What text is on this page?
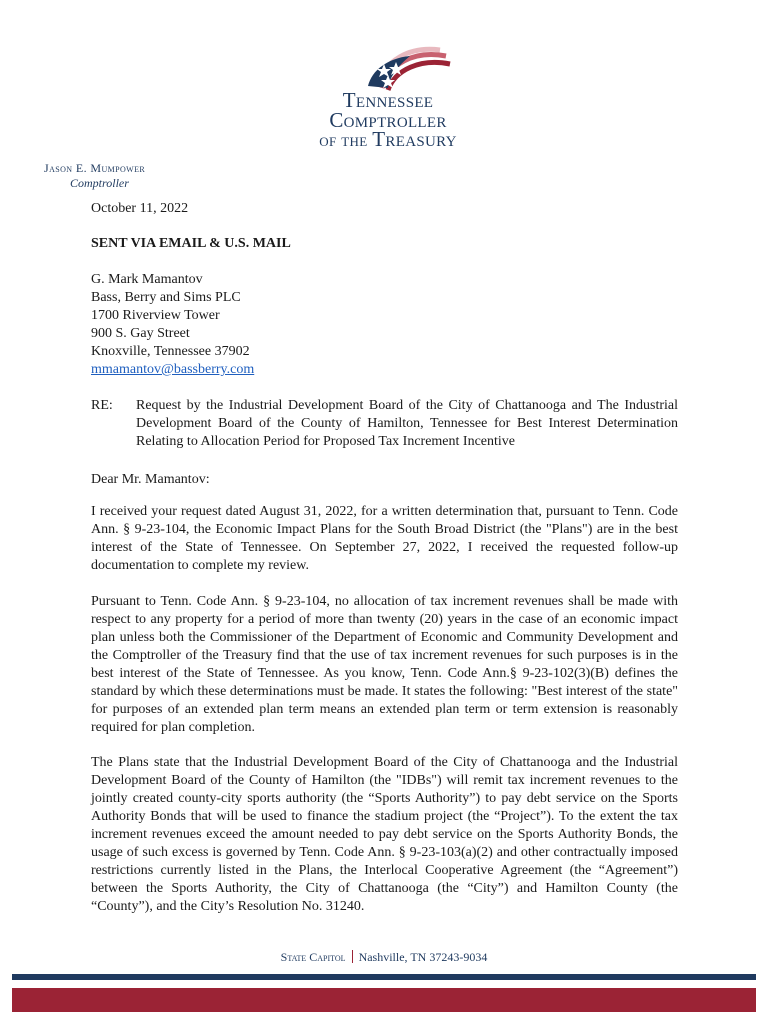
Tennessee
Comptroller
of the Treasury
Jason E. Mumpower
Comptroller
October 11, 2022
SENT VIA EMAIL & U.S. MAIL
G. Mark Mamantov
Bass, Berry and Sims PLC
1700 Riverview Tower
900 S. Gay Street
Knoxville, Tennessee 37902
mmamantov@bassberry.com
RE: Request by the Industrial Development Board of the City of Chattanooga and The Industrial Development Board of the County of Hamilton, Tennessee for Best Interest Determination Relating to Allocation Period for Proposed Tax Increment Incentive
Dear Mr. Mamantov:
I received your request dated August 31, 2022, for a written determination that, pursuant to Tenn. Code Ann. § 9-23-104, the Economic Impact Plans for the South Broad District (the "Plans") are in the best interest of the State of Tennessee. On September 27, 2022, I received the requested follow-up documentation to complete my review.
Pursuant to Tenn. Code Ann. § 9-23-104, no allocation of tax increment revenues shall be made with respect to any property for a period of more than twenty (20) years in the case of an economic impact plan unless both the Commissioner of the Department of Economic and Community Development and the Comptroller of the Treasury find that the use of tax increment revenues for such purposes is in the best interest of the State of Tennessee. As you know, Tenn. Code Ann.§ 9-23-102(3)(B) defines the standard by which these determinations must be made. It states the following: "Best interest of the state" for purposes of an extended plan term means an extended plan term or term extension is reasonably required for plan completion.
The Plans state that the Industrial Development Board of the City of Chattanooga and the Industrial Development Board of the County of Hamilton (the "IDBs") will remit tax increment revenues to the jointly created county-city sports authority (the “Sports Authority”) to pay debt service on the Sports Authority Bonds that will be used to finance the stadium project (the “Project”). To the extent the tax increment revenues exceed the amount needed to pay debt service on the Sports Authority Bonds, the usage of such excess is governed by Tenn. Code Ann. § 9-23-103(a)(2) and other contractually imposed restrictions currently listed in the Plans, the Interlocal Cooperative Agreement (the “Agreement”) between the Sports Authority, the City of Chattanooga (the “City”) and Hamilton County (the “County”), and the City’s Resolution No. 31240.
State Capitol Nashville, TN 37243-9034
